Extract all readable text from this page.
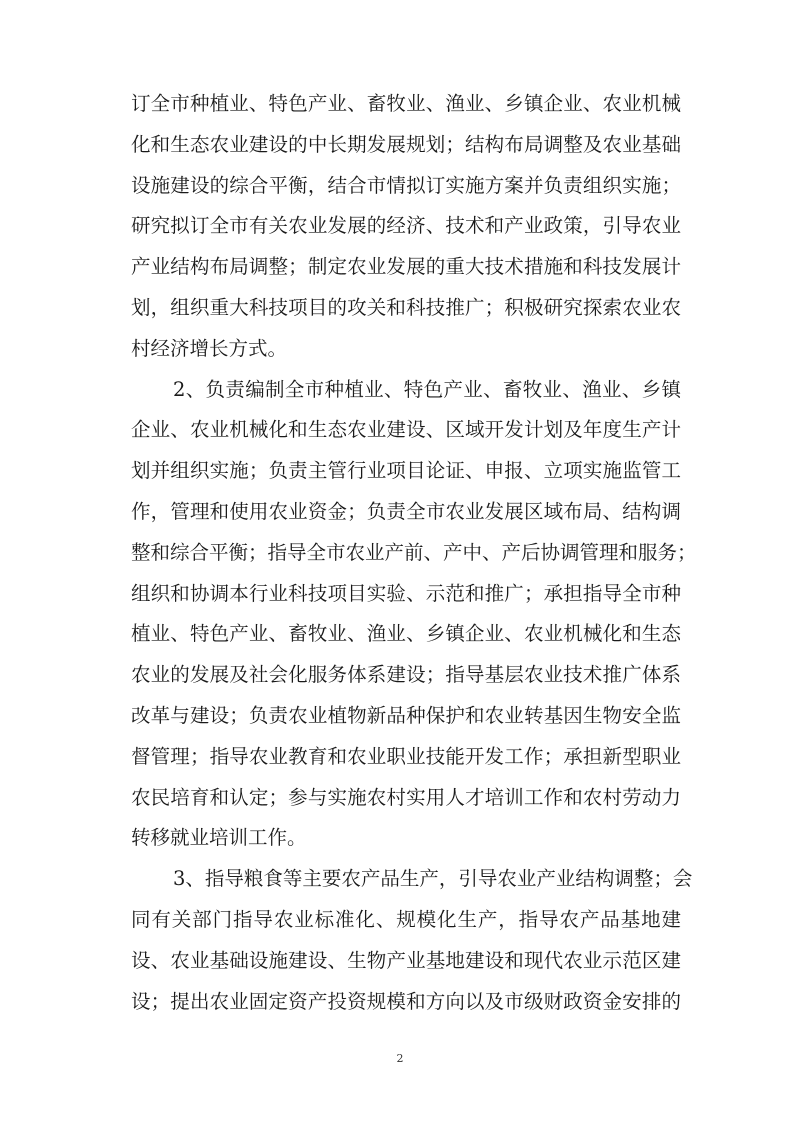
订全市种植业、特色产业、畜牧业、渔业、乡镇企业、农业机械
化和生态农业建设的中长期发展规划；结构布局调整及农业基础
设施建设的综合平衡，结合市情拟订实施方案并负责组织实施；
研究拟订全市有关农业发展的经济、技术和产业政策，引导农业
产业结构布局调整；制定农业发展的重大技术措施和科技发展计
划，组织重大科技项目的攻关和科技推广；积极研究探索农业农
村经济增长方式。
2、负责编制全市种植业、特色产业、畜牧业、渔业、乡镇
企业、农业机械化和生态农业建设、区域开发计划及年度生产计
划并组织实施；负责主管行业项目论证、申报、立项实施监管工
作，管理和使用农业资金；负责全市农业发展区域布局、结构调
整和综合平衡；指导全市农业产前、产中、产后协调管理和服务；
组织和协调本行业科技项目实验、示范和推广；承担指导全市种
植业、特色产业、畜牧业、渔业、乡镇企业、农业机械化和生态
农业的发展及社会化服务体系建设；指导基层农业技术推广体系
改革与建设；负责农业植物新品种保护和农业转基因生物安全监
督管理；指导农业教育和农业职业技能开发工作；承担新型职业
农民培育和认定；参与实施农村实用人才培训工作和农村劳动力
转移就业培训工作。
3、指导粮食等主要农产品生产，引导农业产业结构调整；会
同有关部门指导农业标准化、规模化生产，指导农产品基地建
设、农业基础设施建设、生物产业基地建设和现代农业示范区建
设；提出农业固定资产投资规模和方向以及市级财政资金安排的
2
